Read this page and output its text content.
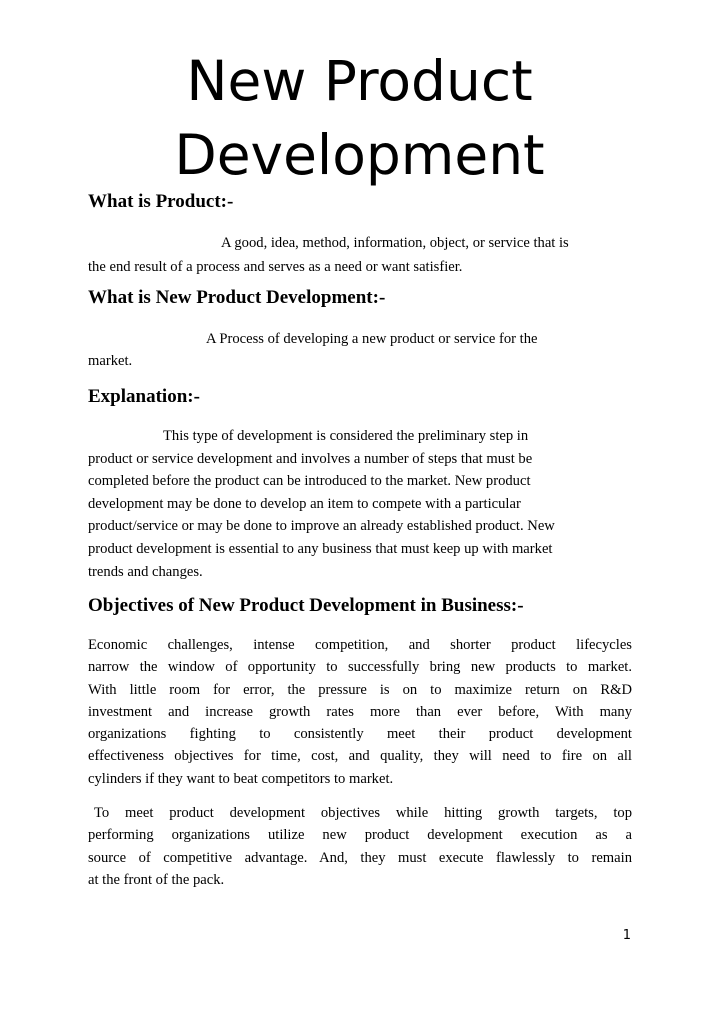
New Product
Development
What is Product:-
A good, idea, method, information, object, or service that is
the end result of a process and serves as a need or want satisfier.
What is New Product Development:-
A Process of developing a new product or service for the
market.
Explanation:-
This type of development is considered the preliminary step in
product or service development and involves a number of steps that must be
completed before the product can be introduced to the market. New product
development may be done to develop an item to compete with a particular
product/service or may be done to improve an already established product. New
product development is essential to any business that must keep up with market
trends and changes.
Objectives of New Product Development in Business:-
Economic challenges, intense competition, and shorter product lifecycles
narrow the window of opportunity to successfully bring new products to market.
With little room for error, the pressure is on to maximize return on R&D
investment and increase growth rates more than ever before, With many
organizations fighting to consistently meet their product development
effectiveness objectives for time, cost, and quality, they will need to fire on all
cylinders if they want to beat competitors to market.
To meet product development objectives while hitting growth targets, top
performing organizations utilize new product development execution as a
source of competitive advantage. And, they must execute flawlessly to remain
at the front of the pack.
1
